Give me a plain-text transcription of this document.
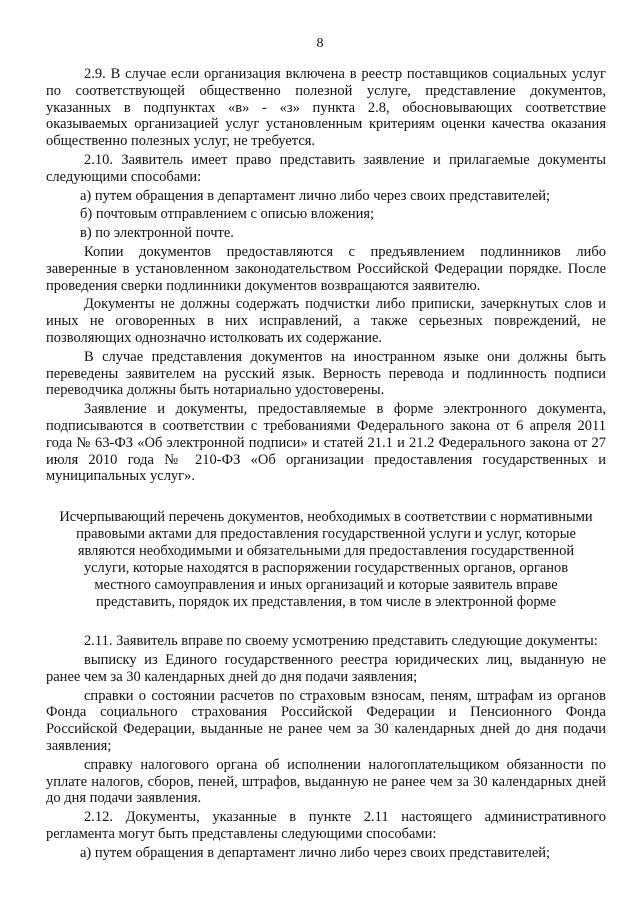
8

2.9. В случае если организация включена в реестр поставщиков социальных услуг по соответствующей общественно полезной услуге, представление документов, указанных в подпунктах «в» - «з» пункта 2.8, обосновывающих соответствие оказываемых организацией услуг установленным критериям оценки качества оказания общественно полезных услуг, не требуется.

2.10. Заявитель имеет право представить заявление и прилагаемые документы следующими способами:

а) путем обращения в департамент лично либо через своих представителей;

б) почтовым отправлением с описью вложения;

в) по электронной почте.

Копии документов предоставляются с предъявлением подлинников либо заверенные в установленном законодательством Российской Федерации порядке. После проведения сверки подлинники документов возвращаются заявителю.

Документы не должны содержать подчистки либо приписки, зачеркнутых слов и иных не оговоренных в них исправлений, а также серьезных повреждений, не позволяющих однозначно истолковать их содержание.

В случае представления документов на иностранном языке они должны быть переведены заявителем на русский язык. Верность перевода и подлинность подписи переводчика должны быть нотариально удостоверены.

Заявление и документы, предоставляемые в форме электронного документа, подписываются в соответствии с требованиями Федерального закона от 6 апреля 2011 года № 63-ФЗ «Об электронной подписи» и статей 21.1 и 21.2 Федерального закона от 27 июля 2010 года № 210-ФЗ «Об организации предоставления государственных и муниципальных услуг».

Исчерпывающий перечень документов, необходимых в соответствии с нормативными правовыми актами для предоставления государственной услуги и услуг, которые являются необходимыми и обязательными для предоставления государственной услуги, которые находятся в распоряжении государственных органов, органов местного самоуправления и иных организаций и которые заявитель вправе представить, порядок их представления, в том числе в электронной форме

2.11. Заявитель вправе по своему усмотрению представить следующие документы:

выписку из Единого государственного реестра юридических лиц, выданную не ранее чем за 30 календарных дней до дня подачи заявления;

справки о состоянии расчетов по страховым взносам, пеням, штрафам из органов Фонда социального страхования Российской Федерации и Пенсионного Фонда Российской Федерации, выданные не ранее чем за 30 календарных дней до дня подачи заявления;

справку налогового органа об исполнении налогоплательщиком обязанности по уплате налогов, сборов, пеней, штрафов, выданную не ранее чем за 30 календарных дней до дня подачи заявления.

2.12. Документы, указанные в пункте 2.11 настоящего административного регламента могут быть представлены следующими способами:

а) путем обращения в департамент лично либо через своих представителей;
